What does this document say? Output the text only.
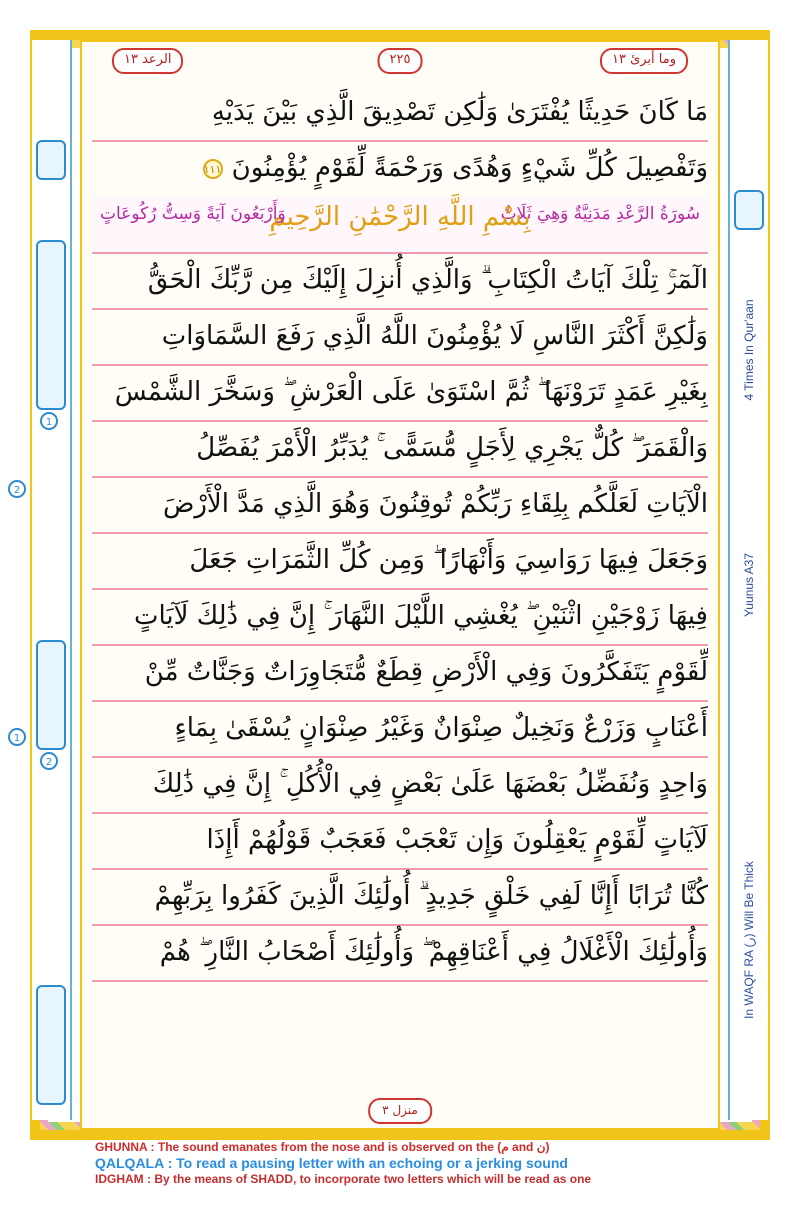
1
2
4 Times In Qur'aan
2
Yuunus A37
1
In WAQF RA (ر) Will Be Thick
الرعد ١٣	٢٢٥	وما أبرئ ١٣
مَا كَانَ حَدِيثًا يُفْتَرَىٰ وَلَٰكِن تَصْدِيقَ الَّذِي بَيْنَ يَدَيْهِ
وَتَفْصِيلَ كُلِّ شَيْءٍ وَهُدًى وَرَحْمَةً لِّقَوْمٍ يُؤْمِنُونَ ١١١
سُورَةُ الرَّعْدِ مَدَنِيَّةٌ وَهِيَ ثَلَاثٌ
بِسْمِ اللَّهِ الرَّحْمَٰنِ الرَّحِيمِ
وَأَرْبَعُونَ آيَةً وَسِتُّ رُكُوعَاتٍ
الٓمٓرۚ تِلْكَ آيَاتُ الْكِتَابِ ۗ وَالَّذِي أُنزِلَ إِلَيْكَ مِن رَّبِّكَ الْحَقُّ
وَلَٰكِنَّ أَكْثَرَ النَّاسِ لَا يُؤْمِنُونَ اللَّهُ الَّذِي رَفَعَ السَّمَاوَاتِ
بِغَيْرِ عَمَدٍ تَرَوْنَهَا ۖ ثُمَّ اسْتَوَىٰ عَلَى الْعَرْشِ ۖ وَسَخَّرَ الشَّمْسَ
وَالْقَمَرَ ۖ كُلٌّ يَجْرِي لِأَجَلٍ مُّسَمًّى ۚ يُدَبِّرُ الْأَمْرَ يُفَصِّلُ
الْآيَاتِ لَعَلَّكُم بِلِقَاءِ رَبِّكُمْ تُوقِنُونَ وَهُوَ الَّذِي مَدَّ الْأَرْضَ
وَجَعَلَ فِيهَا رَوَاسِيَ وَأَنْهَارًا ۖ وَمِن كُلِّ الثَّمَرَاتِ جَعَلَ
فِيهَا زَوْجَيْنِ اثْنَيْنِ ۖ يُغْشِي اللَّيْلَ النَّهَارَ ۚ إِنَّ فِي ذَٰلِكَ لَآيَاتٍ
لِّقَوْمٍ يَتَفَكَّرُونَ وَفِي الْأَرْضِ قِطَعٌ مُّتَجَاوِرَاتٌ وَجَنَّاتٌ مِّنْ
أَعْنَابٍ وَزَرْعٌ وَنَخِيلٌ صِنْوَانٌ وَغَيْرُ صِنْوَانٍ يُسْقَىٰ بِمَاءٍ
وَاحِدٍ وَنُفَضِّلُ بَعْضَهَا عَلَىٰ بَعْضٍ فِي الْأُكُلِ ۚ إِنَّ فِي ذَٰلِكَ
لَآيَاتٍ لِّقَوْمٍ يَعْقِلُونَ وَإِن تَعْجَبْ فَعَجَبٌ قَوْلُهُمْ أَإِذَا
كُنَّا تُرَابًا أَإِنَّا لَفِي خَلْقٍ جَدِيدٍ ۗ أُولَٰئِكَ الَّذِينَ كَفَرُوا بِرَبِّهِمْ
وَأُولَٰئِكَ الْأَغْلَالُ فِي أَعْنَاقِهِمْ ۖ وَأُولَٰئِكَ أَصْحَابُ النَّارِ ۖ هُمْ
منزل ٣
GHUNNA : The sound emanates from the nose and is observed on the (م and ن)
QALQALA : To read a pausing letter with an echoing or a jerking sound
IDGHAM : By the means of SHADD, to incorporate two letters which will be read as one
